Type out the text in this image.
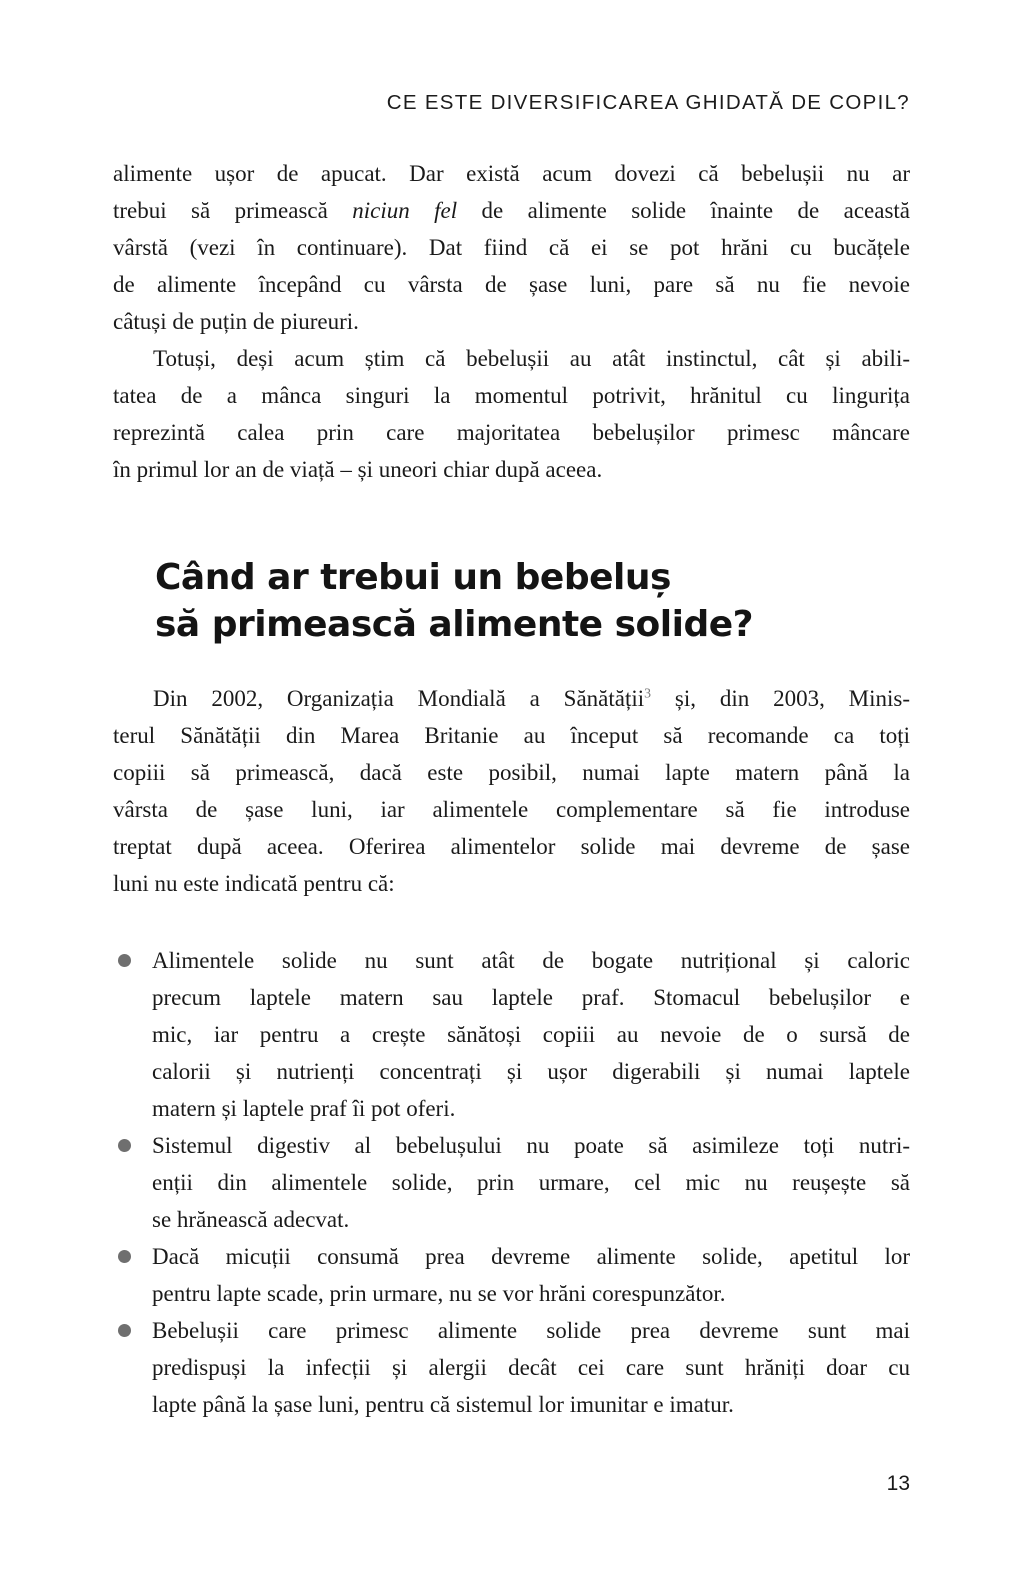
CE ESTE DIVERSIFICAREA GHIDATĂ DE COPIL?
alimente ușor de apucat. Dar există acum dovezi că bebelușii nu ar
trebui să primească niciun fel de alimente solide înainte de această
vârstă (vezi în continuare). Dat fiind că ei se pot hrăni cu bucățele
de alimente începând cu vârsta de șase luni, pare să nu fie nevoie
câtuși de puțin de piureuri.
Totuși, deși acum știm că bebelușii au atât instinctul, cât și abili-
tatea de a mânca singuri la momentul potrivit, hrănitul cu lingurița
reprezintă calea prin care majoritatea bebelușilor primesc mâncare
în primul lor an de viață – și uneori chiar după aceea.
Când ar trebui un bebeluș
să primească alimente solide?
Din 2002, Organizația Mondială a Sănătății$^3$ și, din 2003, Minis-
terul Sănătății din Marea Britanie au început să recomande ca toți
copiii să primească, dacă este posibil, numai lapte matern până la
vârsta de șase luni, iar alimentele complementare să fie introduse
treptat după aceea. Oferirea alimentelor solide mai devreme de șase
luni nu este indicată pentru că:
Alimentele solide nu sunt atât de bogate nutrițional și caloric
precum laptele matern sau laptele praf. Stomacul bebelușilor e
mic, iar pentru a crește sănătoși copiii au nevoie de o sursă de
calorii și nutrienți concentrați și ușor digerabili și numai laptele
matern și laptele praf îi pot oferi.
Sistemul digestiv al bebelușului nu poate să asimileze toți nutri-
enții din alimentele solide, prin urmare, cel mic nu reușește să
se hrănească adecvat.
Dacă micuții consumă prea devreme alimente solide, apetitul lor
pentru lapte scade, prin urmare, nu se vor hrăni corespunzător.
Bebelușii care primesc alimente solide prea devreme sunt mai
predispuși la infecții și alergii decât cei care sunt hrăniți doar cu
lapte până la șase luni, pentru că sistemul lor imunitar e imatur.
13
